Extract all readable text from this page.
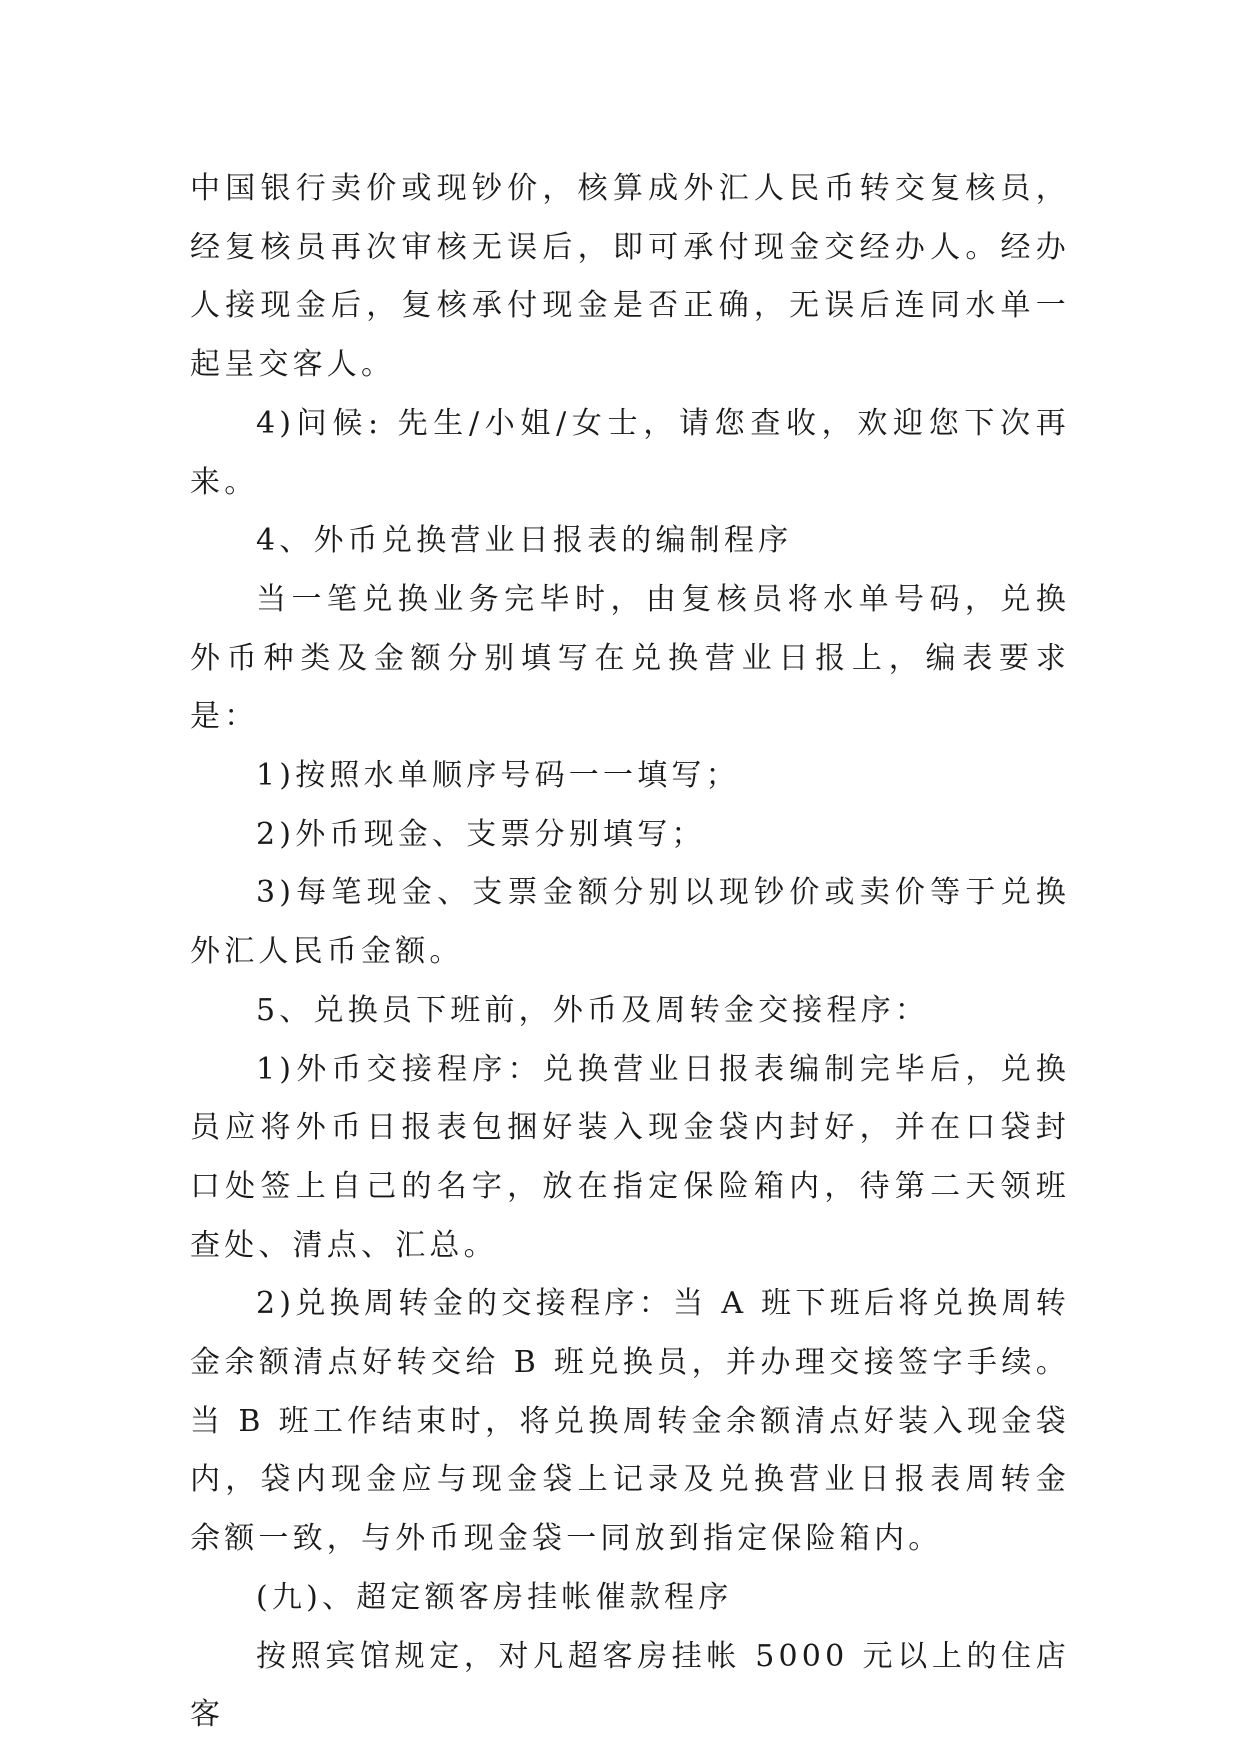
中国银行卖价或现钞价，核算成外汇人民币转交复核员，经复核员再次审核无误后，即可承付现金交经办人。经办人接现金后，复核承付现金是否正确，无误后连同水单一起呈交客人。

4)问候: 先生/小姐/女士，请您查收，欢迎您下次再来。

4、外币兑换营业日报表的编制程序

当一笔兑换业务完毕时，由复核员将水单号码，兑换外币种类及金额分别填写在兑换营业日报上，编表要求是：

1)按照水单顺序号码一一填写；

2)外币现金、支票分别填写；

3)每笔现金、支票金额分别以现钞价或卖价等于兑换外汇人民币金额。

5、兑换员下班前，外币及周转金交接程序：

1)外币交接程序：兑换营业日报表编制完毕后，兑换员应将外币日报表包捆好装入现金袋内封好，并在口袋封口处签上自己的名字，放在指定保险箱内，待第二天领班查处、清点、汇总。

2)兑换周转金的交接程序：当 A 班下班后将兑换周转金余额清点好转交给 B 班兑换员，并办理交接签字手续。当 B 班工作结束时，将兑换周转金余额清点好装入现金袋内，袋内现金应与现金袋上记录及兑换营业日报表周转金余额一致，与外币现金袋一同放到指定保险箱内。

(九)、超定额客房挂帐催款程序

按照宾馆规定，对凡超客房挂帐 5000 元以上的住店客
